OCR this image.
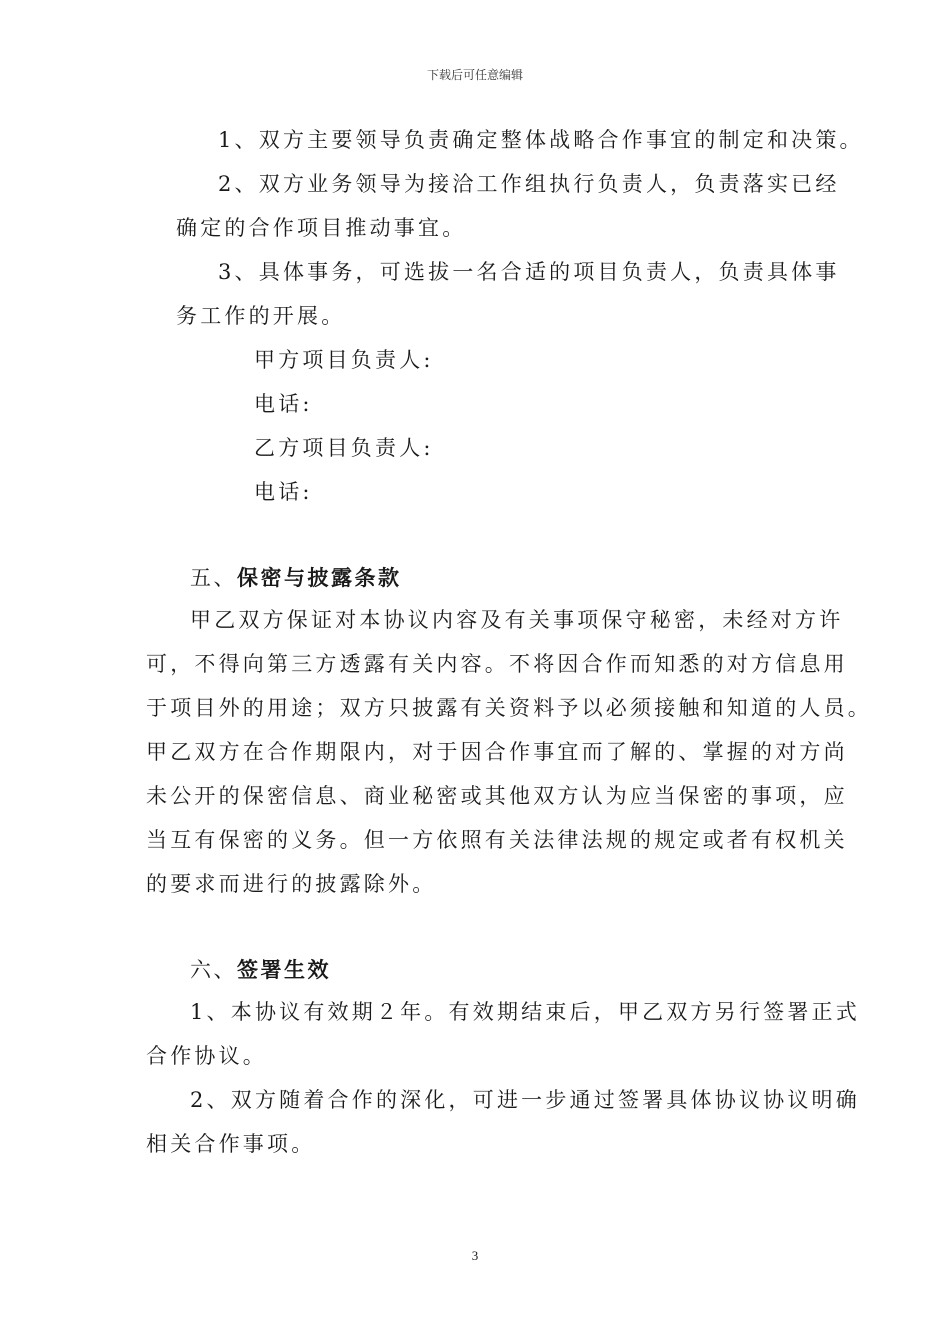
下载后可任意编辑
1、双方主要领导负责确定整体战略合作事宜的制定和决策。
2、双方业务领导为接洽工作组执行负责人，负责落实已经
确定的合作项目推动事宜。
3、具体事务，可选拔一名合适的项目负责人，负责具体事
务工作的开展。
甲方项目负责人:
电话:
乙方项目负责人:
电话:
五、保密与披露条款
甲乙双方保证对本协议内容及有关事项保守秘密，未经对方许
可，不得向第三方透露有关内容。不将因合作而知悉的对方信息用
于项目外的用途；双方只披露有关资料予以必须接触和知道的人员。
甲乙双方在合作期限内，对于因合作事宜而了解的、掌握的对方尚
未公开的保密信息、商业秘密或其他双方认为应当保密的事项，应
当互有保密的义务。但一方依照有关法律法规的规定或者有权机关
的要求而进行的披露除外。
六、签署生效
1、本协议有效期２年。有效期结束后，甲乙双方另行签署正式
合作协议。
2、双方随着合作的深化，可进一步通过签署具体协议协议明确
相关合作事项。
3
